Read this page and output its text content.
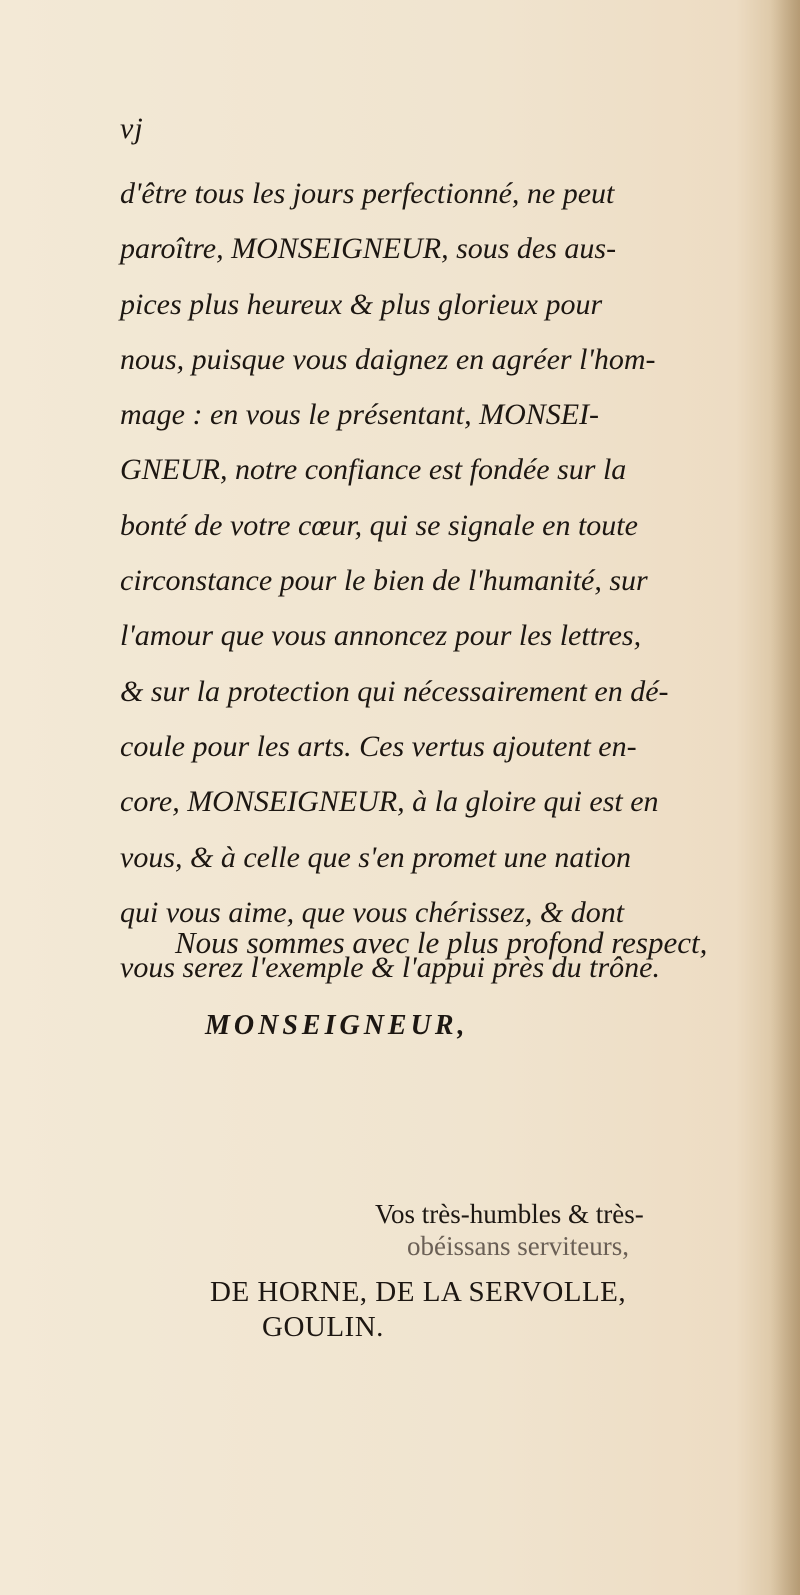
vj
d'être tous les jours perfectionné, ne peut
paroître, MONSEIGNEUR, sous des aus-
pices plus heureux & plus glorieux pour
nous, puisque vous daignez en agréer l'hom-
mage : en vous le présentant, MONSEI-
GNEUR, notre confiance est fondée sur la
bonté de votre cœur, qui se signale en toute
circonstance pour le bien de l'humanité, sur
l'amour que vous annoncez pour les lettres,
& sur la protection qui nécessairement en dé-
coule pour les arts. Ces vertus ajoutent en-
core, MONSEIGNEUR, à la gloire qui est en
vous, & à celle que s'en promet une nation
qui vous aime, que vous chérissez, & dont
vous serez l'exemple & l'appui près du trône.
Nous sommes avec le plus profond respect,
MONSEIGNEUR,
Vos très-humbles & très-
obéissans serviteurs,
DE HORNE, DE LA SERVOLLE,
GOULIN.
